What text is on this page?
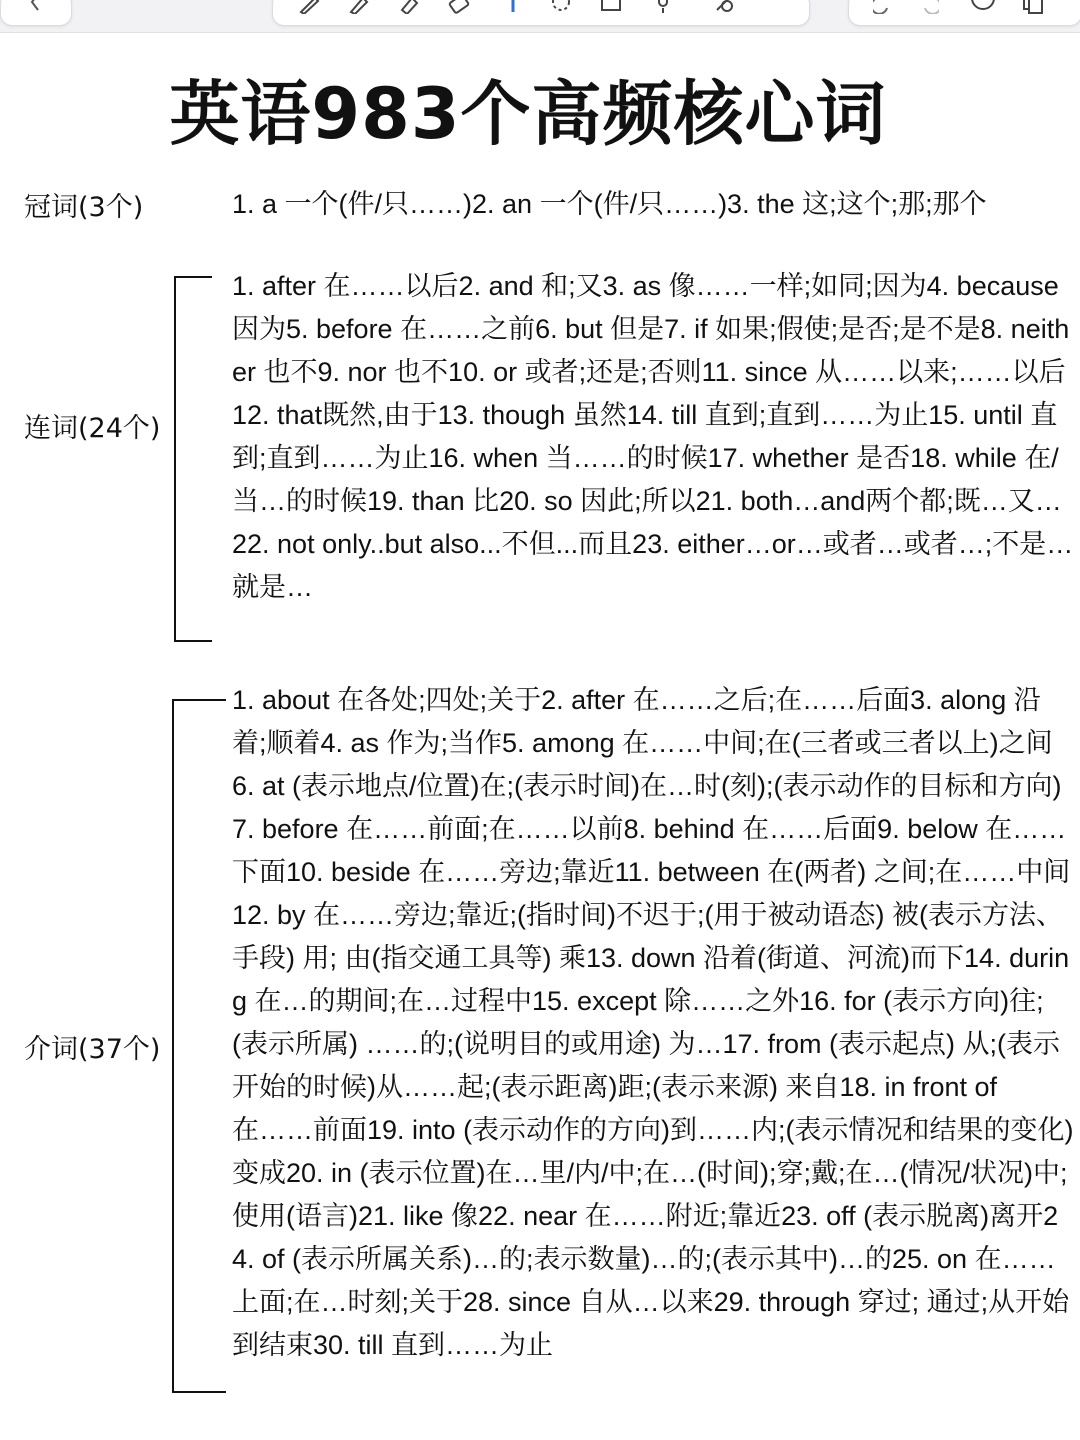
英语983个高频核心词
冠词(3个)	1. a 一个(件/只……)2. an 一个(件/只……)3. the 这;这个;那;那个
连词(24个)
1. after 在……以后2. and 和;又3. as 像……一样;如同;因为4. because 因为5. before 在……之前6. but 但是7. if 如果;假使;是否;是不是8. neither 也不9. nor 也不10. or 或者;还是;否则11. since 从……以来;……以后12. that既然,由于13. though 虽然14. till 直到;直到……为止15. until 直到;直到……为止16. when 当……的时候17. whether 是否18. while 在/当…的时候19. than 比20. so 因此;所以21. both…and两个都;既…又…22. not only..but also...不但...而且23. either…or…或者…或者…;不是…就是…
介词(37个)
1. about 在各处;四处;关于2. after 在……之后;在……后面3. along 沿着;顺着4. as 作为;当作5. among 在……中间;在(三者或三者以上)之间6. at (表示地点/位置)在;(表示时间)在…时(刻);(表示动作的目标和方向)7. before 在……前面;在……以前8. behind 在……后面9. below 在……下面10. beside 在……旁边;靠近11. between 在(两者) 之间;在……中间12. by 在……旁边;靠近;(指时间)不迟于;(用于被动语态) 被(表示方法、手段) 用; 由(指交通工具等) 乘13. down 沿着(街道、河流)而下14. during 在…的期间;在…过程中15. except 除……之外16. for (表示方向)往;(表示所属) ……的;(说明目的或用途) 为…17. from (表示起点) 从;(表示开始的时候)从……起;(表示距离)距;(表示来源) 来自18. in front of 在……前面19. into (表示动作的方向)到……内;(表示情况和结果的变化)变成20. in (表示位置)在…里/内/中;在…(时间);穿;戴;在…(情况/状况)中;使用(语言)21. like 像22. near 在……附近;靠近23. off (表示脱离)离开24. of (表示所属关系)…的;表示数量)…的;(表示其中)…的25. on 在……上面;在…时刻;关于28. since 自从…以来29. through 穿过; 通过;从开始到结束30. till 直到……为止
